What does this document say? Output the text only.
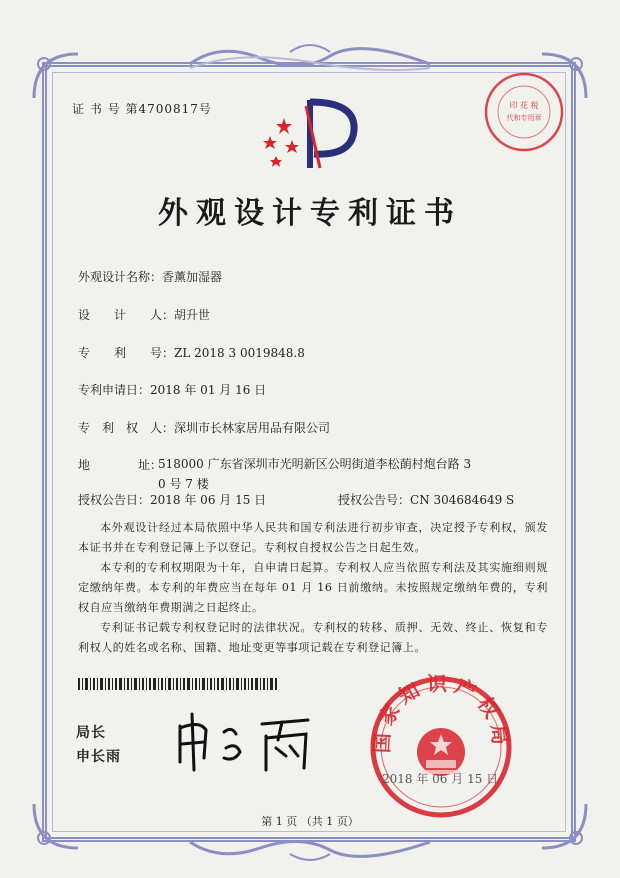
证 书 号 第4700817号	印 花 税
代和专用章
外观设计专利证书
外观设计名称：香薰加湿器
设　　计　　人：胡升世
专　　利　　号：ZL 2018 3 0019848.8
专利申请日：2018 年 01 月 16 日
专　利　权　人：深圳市长林家居用品有限公司
地　　　　址：
518000 广东省深圳市光明新区公明街道李松蓢村炮台路 3
0 号 7 楼
授权公告日：2018 年 06 月 15 日	授权公告号：CN 304684649 S
本外观设计经过本局依照中华人民共和国专利法进行初步审查，决定授予专利权，颁发本证书并在专利登记簿上予以登记。专利权自授权公告之日起生效。
本专利的专利权期限为十年，自申请日起算。专利权人应当依照专利法及其实施细则规定缴纳年费。本专利的年费应当在每年 01 月 16 日前缴纳。未按照规定缴纳年费的，专利权自应当缴纳年费期满之日起终止。
专利证书记载专利权登记时的法律状况。专利权的转移、质押、无效、终止、恢复和专利权人的姓名或名称、国籍、地址变更等事项记载在专利登记簿上。
局长
申长雨
国家知识产权局
2018 年 06 月 15 日
第 1 页 （共 1 页）
